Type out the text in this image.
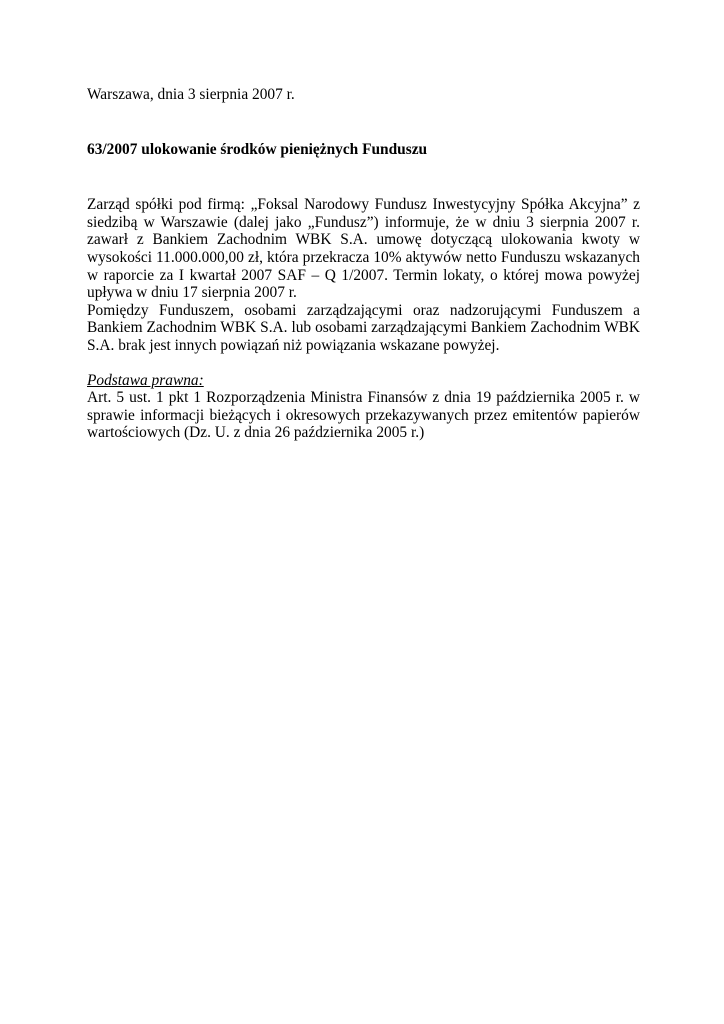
Warszawa, dnia 3 sierpnia 2007 r.

63/2007 ulokowanie środków pieniężnych Funduszu

Zarząd spółki pod firmą: „Foksal Narodowy Fundusz Inwestycyjny Spółka Akcyjna” z siedzibą w Warszawie (dalej jako „Fundusz”) informuje, że w dniu 3 sierpnia 2007 r. zawarł z Bankiem Zachodnim WBK S.A. umowę dotyczącą ulokowania kwoty w wysokości 11.000.000,00 zł, która przekracza 10% aktywów netto Funduszu wskazanych w raporcie za I kwartał 2007 SAF – Q 1/2007. Termin lokaty, o której mowa powyżej upływa w dniu 17 sierpnia 2007 r.

Pomiędzy Funduszem, osobami zarządzającymi oraz nadzorującymi Funduszem a Bankiem Zachodnim WBK S.A. lub osobami zarządzającymi Bankiem Zachodnim WBK S.A. brak jest innych powiązań niż powiązania wskazane powyżej.

Podstawa prawna:

Art. 5 ust. 1 pkt 1 Rozporządzenia Ministra Finansów z dnia 19 października 2005 r. w sprawie informacji bieżących i okresowych przekazywanych przez emitentów papierów wartościowych (Dz. U. z dnia 26 października 2005 r.)
